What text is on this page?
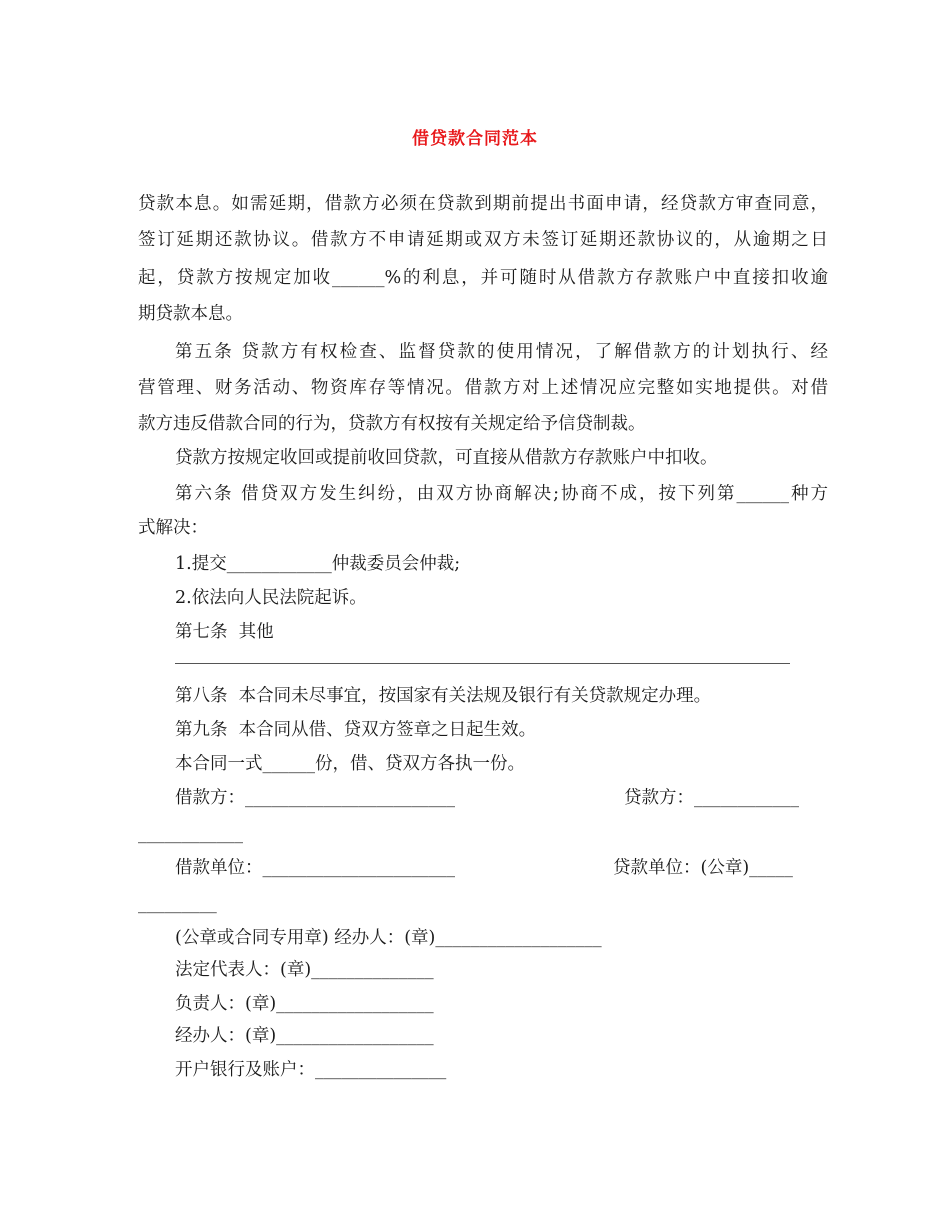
借贷款合同范本
贷款本息。如需延期，借款方必须在贷款到期前提出书面申请，经贷款方审查同意，
签订延期还款协议。借款方不申请延期或双方未签订延期还款协议的，从逾期之日
起，贷款方按规定加收______%的利息，并可随时从借款方存款账户中直接扣收逾
期贷款本息。
第五条 贷款方有权检查、监督贷款的使用情况，了解借款方的计划执行、经
营管理、财务活动、物资库存等情况。借款方对上述情况应完整如实地提供。对借
款方违反借款合同的行为，贷款方有权按有关规定给予信贷制裁。
贷款方按规定收回或提前收回贷款，可直接从借款方存款账户中扣收。
第六条 借贷双方发生纠纷，由双方协商解决;协商不成，按下列第______种方
式解决：
1.提交____________仲裁委员会仲裁;
2.依法向人民法院起诉。
第七条  其他
第八条  本合同未尽事宜，按国家有关法规及银行有关贷款规定办理。
第九条  本合同从借、贷双方签章之日起生效。
本合同一式______份，借、贷双方各执一份。
借款方：________________________	贷款方：____________
____________
借款单位：______________________	贷款单位：(公章)_____
_________
(公章或合同专用章) 经办人：(章)___________________
法定代表人：(章)______________
负责人：(章)__________________
经办人：(章)__________________
开户银行及账户：_______________
